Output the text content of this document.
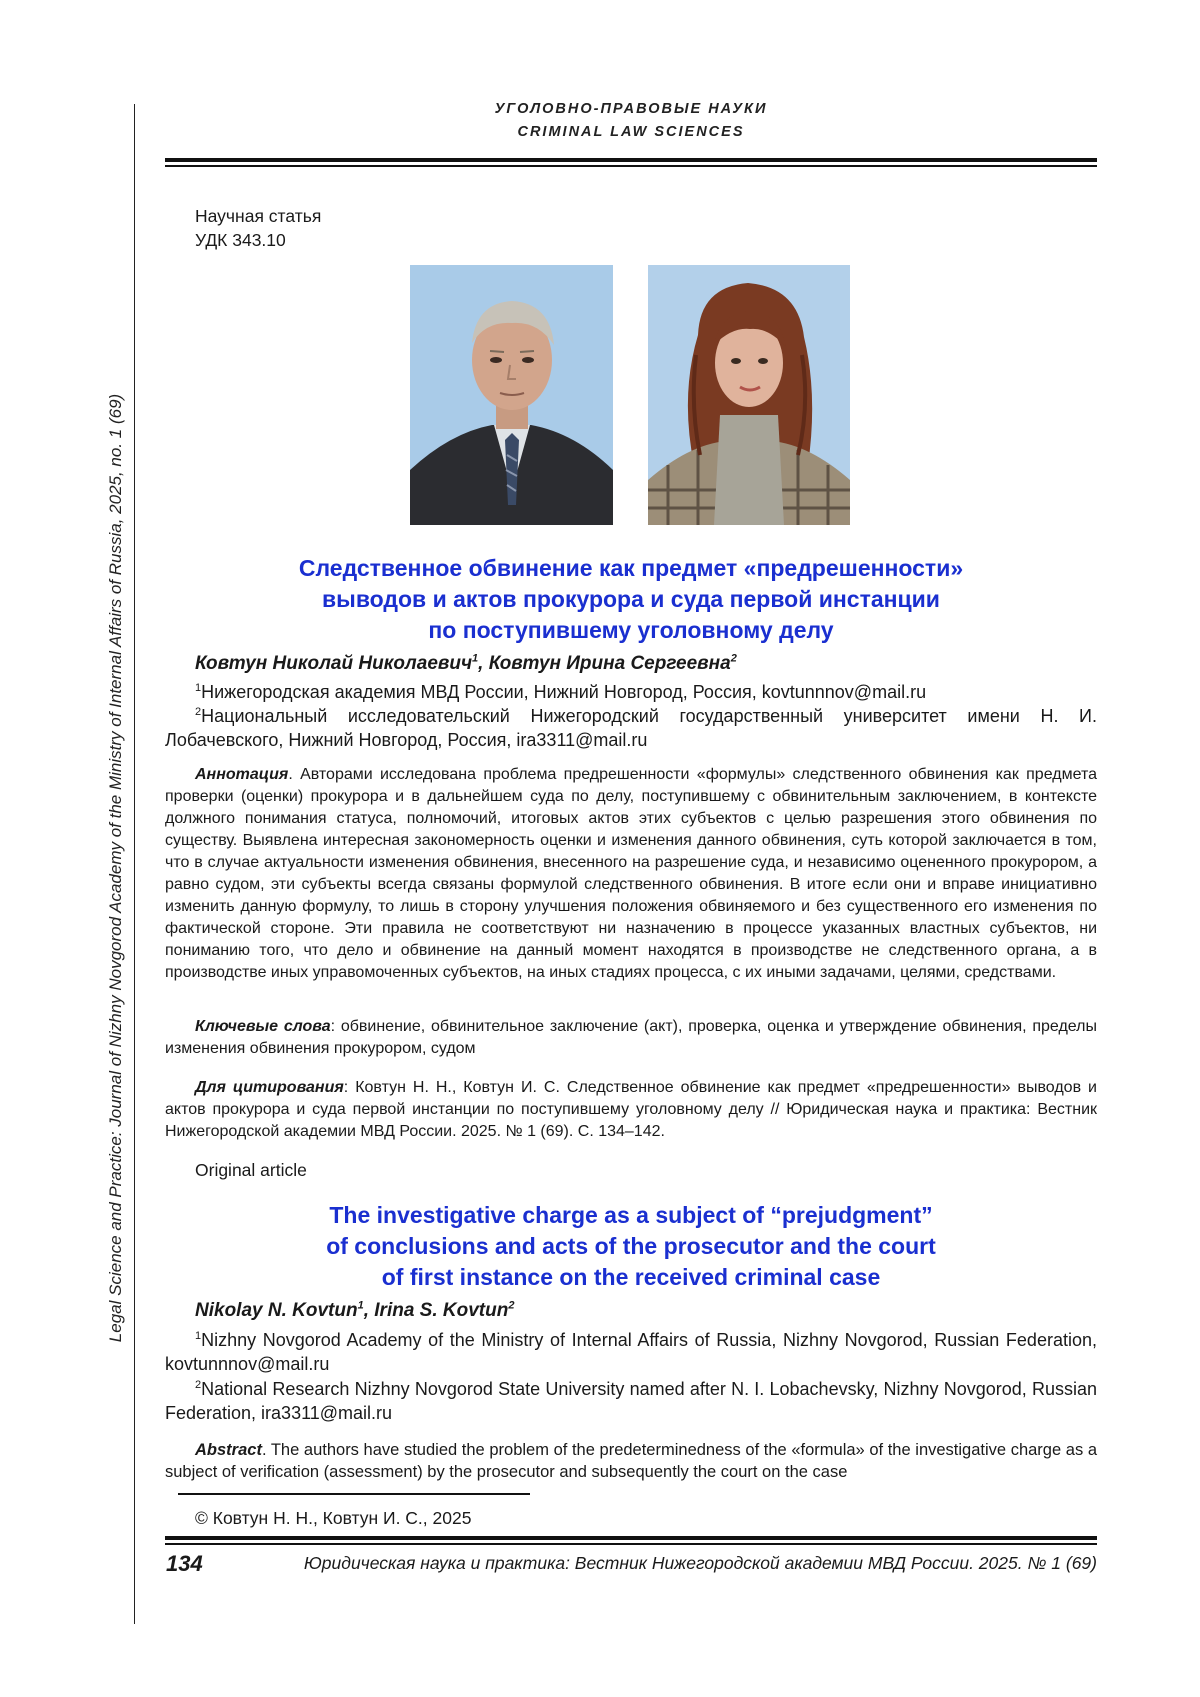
Legal Science and Practice: Journal of Nizhny Novgorod Academy of the Ministry of Internal Affairs of Russia, 2025, no. 1 (69)
УГОЛОВНО-ПРАВОВЫЕ НАУКИ
CRIMINAL LAW SCIENCES
Научная статья
УДК 343.10
Следственное обвинение как предмет «предрешенности»
выводов и актов прокурора и суда первой инстанции
по поступившему уголовному делу
Ковтун Николай Николаевич$^1$, Ковтун Ирина Сергеевна$^2$
$^1$Нижегородская академия МВД России, Нижний Новгород, Россия, kovtunnnov@mail.ru
$^2$Национальный исследовательский Нижегородский государственный университет имени Н. И. Лобачевского, Нижний Новгород, Россия, ira3311@mail.ru
Аннотация. Авторами исследована проблема предрешенности «формулы» следственного обвинения как предмета проверки (оценки) прокурора и в дальнейшем суда по делу, поступившему с обвинительным заключением, в контексте должного понимания статуса, полномочий, итоговых актов этих субъектов с целью разрешения этого обвинения по существу. Выявлена интересная закономерность оценки и изменения данного обвинения, суть которой заключается в том, что в случае актуальности изменения обвинения, внесенного на разрешение суда, и независимо оцененного прокурором, а равно судом, эти субъекты всегда связаны формулой следственного обвинения. В итоге если они и вправе инициативно изменить данную формулу, то лишь в сторону улучшения положения обвиняемого и без существенного его изменения по фактической стороне. Эти правила не соответствуют ни назначению в процессе указанных властных субъектов, ни пониманию того, что дело и обвинение на данный момент находятся в производстве не следственного органа, а в производстве иных управомоченных субъектов, на иных стадиях процесса, с их иными задачами, целями, средствами.
Ключевые слова: обвинение, обвинительное заключение (акт), проверка, оценка и утверждение обвинения, пределы изменения обвинения прокурором, судом
Для цитирования: Ковтун Н. Н., Ковтун И. С. Следственное обвинение как предмет «предрешенности» выводов и актов прокурора и суда первой инстанции по поступившему уголовному делу // Юридическая наука и практика: Вестник Нижегородской академии МВД России. 2025. № 1 (69). С. 134–142.
Original article
The investigative charge as a subject of “prejudgment”
of conclusions and acts of the prosecutor and the court
of first instance on the received criminal case
Nikolay N. Kovtun$^1$, Irina S. Kovtun$^2$
$^1$Nizhny Novgorod Academy of the Ministry of Internal Affairs of Russia, Nizhny Novgorod, Russian Federation, kovtunnnov@mail.ru
$^2$National Research Nizhny Novgorod State University named after N. I. Lobachevsky, Nizhny Novgorod, Russian Federation, ira3311@mail.ru
Abstract. The authors have studied the problem of the predeterminedness of the «formula» of the investigative charge as a subject of verification (assessment) by the prosecutor and subsequently the court on the case
© Ковтун Н. Н., Ковтун И. С., 2025
134	Юридическая наука и практика: Вестник Нижегородской академии МВД России. 2025. № 1 (69)
